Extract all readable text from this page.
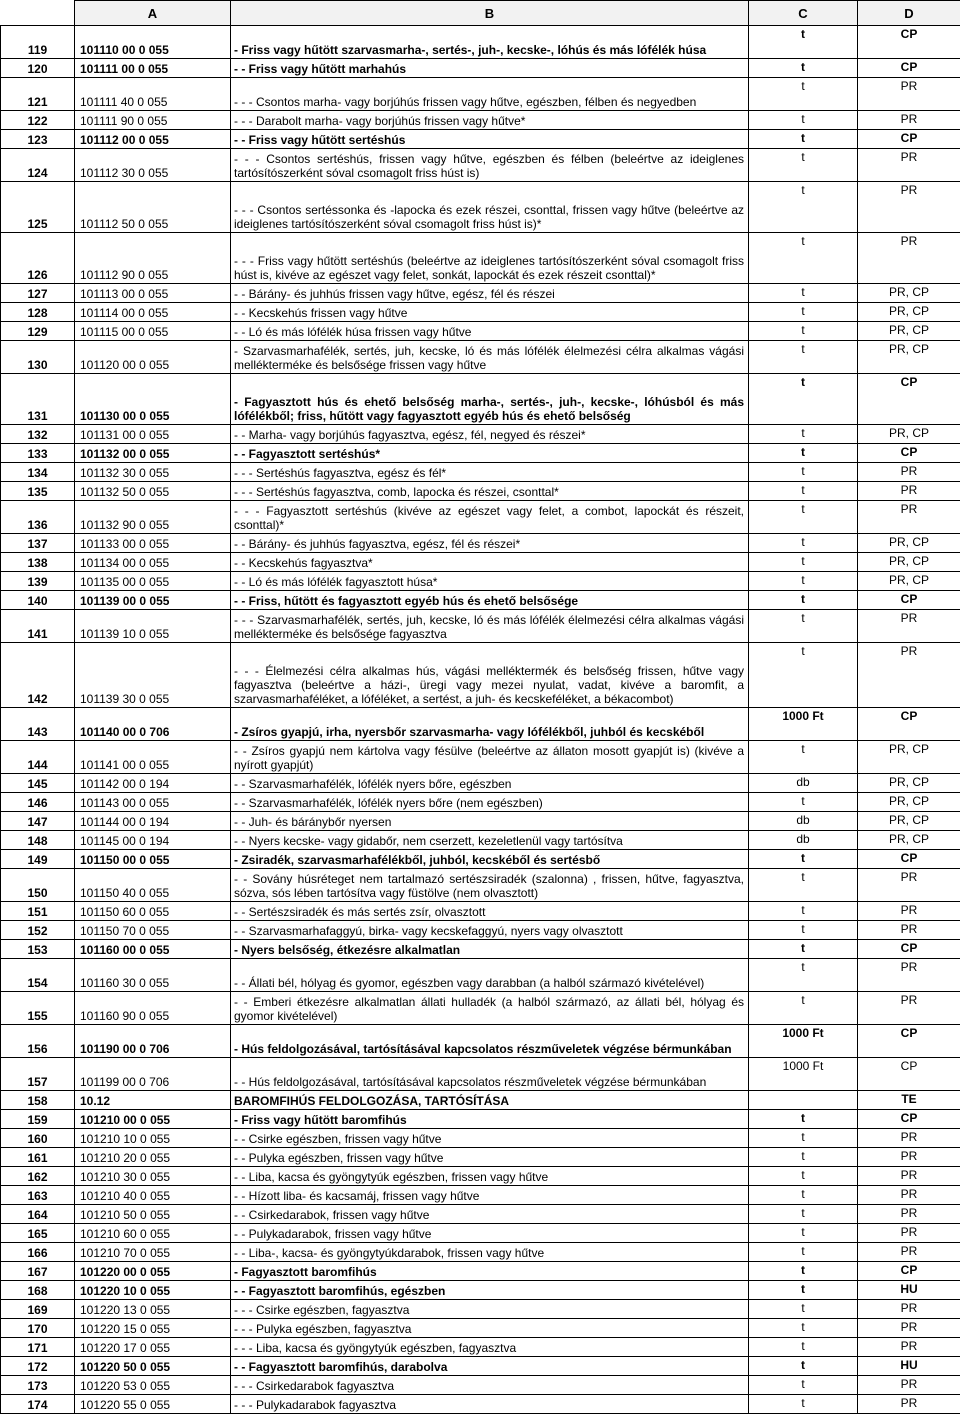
	A	B	C	D
119	101110 00 0 055	- Friss vagy hűtött szarvasmarha-, sertés-, juh-, kecske-, lóhús és más lófélék húsa	t	CP
120	101111 00 0 055	- - Friss vagy hűtött marhahús	t	CP
121	101111 40 0 055	- - - Csontos marha- vagy borjúhús frissen vagy hűtve, egészben, félben és negyedben	t	PR
122	101111 90 0 055	- - - Darabolt marha- vagy borjúhús frissen vagy hűtve*	t	PR
123	101112 00 0 055	- - Friss vagy hűtött sertéshús	t	CP
124	101112 30 0 055	- - - Csontos sertéshús, frissen vagy hűtve, egészben és félben (beleértve az ideiglenes tartósítószerként sóval csomagolt friss húst is)	t	PR
125	101112 50 0 055	- - - Csontos sertéssonka és -lapocka és ezek részei, csonttal, frissen vagy hűtve (beleértve az ideiglenes tartósítószerként sóval csomagolt friss húst is)*	t	PR
126	101112 90 0 055	- - - Friss vagy hűtött sertéshús (beleértve az ideiglenes tartósítószerként sóval csomagolt friss húst is, kivéve az egészet vagy felet, sonkát, lapockát és ezek részeit csonttal)*	t	PR
127	101113 00 0 055	- - Bárány- és juhhús frissen vagy hűtve, egész, fél és részei	t	PR, CP
128	101114 00 0 055	- - Kecskehús frissen vagy hűtve	t	PR, CP
129	101115 00 0 055	- - Ló és más lófélék húsa frissen vagy hűtve	t	PR, CP
130	101120 00 0 055	- Szarvasmarhafélék, sertés, juh, kecske, ló és más lófélék élelmezési célra alkalmas vágási mellékterméke és belsősége frissen vagy hűtve	t	PR, CP
131	101130 00 0 055	- Fagyasztott hús és ehető belsőség marha-, sertés-, juh-, kecske-, lóhúsból és más lófélékből; friss, hűtött vagy fagyasztott egyéb hús és ehető belsőség	t	CP
132	101131 00 0 055	- - Marha- vagy borjúhús fagyasztva, egész, fél, negyed és részei*	t	PR, CP
133	101132 00 0 055	- - Fagyasztott sertéshús*	t	CP
134	101132 30 0 055	- - - Sertéshús fagyasztva, egész és fél*	t	PR
135	101132 50 0 055	- - - Sertéshús fagyasztva, comb, lapocka és részei, csonttal*	t	PR
136	101132 90 0 055	- - - Fagyasztott sertéshús (kivéve az egészet vagy felet, a combot, lapockát és részeit, csonttal)*	t	PR
137	101133 00 0 055	- - Bárány- és juhhús fagyasztva, egész, fél és részei*	t	PR, CP
138	101134 00 0 055	- - Kecskehús fagyasztva*	t	PR, CP
139	101135 00 0 055	- - Ló és más lófélék fagyasztott húsa*	t	PR, CP
140	101139 00 0 055	- - Friss, hűtött és fagyasztott egyéb hús és ehető belsősége	t	CP
141	101139 10 0 055	- - - Szarvasmarhafélék, sertés, juh, kecske, ló és más lófélék élelmezési célra alkalmas vágási mellékterméke és belsősége fagyasztva	t	PR
142	101139 30 0 055	- - - Élelmezési célra alkalmas hús, vágási melléktermék és belsőség frissen, hűtve vagy fagyasztva (beleértve a házi-, üregi vagy mezei nyulat, vadat, kivéve a baromfit, a szarvasmarhaféléket, a lóféléket, a sertést, a juh- és kecskeféléket, a békacombot)	t	PR
143	101140 00 0 706	- Zsíros gyapjú, irha, nyersbőr szarvasmarha- vagy lófélékből, juhból és kecskéből	1000 Ft	CP
144	101141 00 0 055	- - Zsíros gyapjú nem kártolva vagy fésülve (beleértve az állaton mosott gyapjút is) (kivéve a nyírott gyapjút)	t	PR, CP
145	101142 00 0 194	- - Szarvasmarhafélék, lófélék nyers bőre, egészben	db	PR, CP
146	101143 00 0 055	- - Szarvasmarhafélék, lófélék nyers bőre (nem egészben)	t	PR, CP
147	101144 00 0 194	- - Juh- és báránybőr nyersen	db	PR, CP
148	101145 00 0 194	- - Nyers kecske- vagy gidabőr, nem cserzett, kezeletlenül vagy tartósítva	db	PR, CP
149	101150 00 0 055	- Zsiradék, szarvasmarhafélékből, juhból, kecskéből és sertésbő	t	CP
150	101150 40 0 055	- - Sovány húsréteget nem tartalmazó sertészsiradék (szalonna) , frissen, hűtve, fagyasztva, sózva, sós lében tartósítva vagy füstölve (nem olvasztott)	t	PR
151	101150 60 0 055	- - Sertészsiradék és más sertés zsír, olvasztott	t	PR
152	101150 70 0 055	- - Szarvasmarhafaggyú, birka- vagy kecskefaggyú, nyers vagy olvasztott	t	PR
153	101160 00 0 055	- Nyers belsőség, étkezésre alkalmatlan	t	CP
154	101160 30 0 055	- - Állati bél, hólyag és gyomor, egészben vagy darabban (a halból származó kivételével)	t	PR
155	101160 90 0 055	- - Emberi étkezésre alkalmatlan állati hulladék (a halból származó, az állati bél, hólyag és gyomor kivételével)	t	PR
156	101190 00 0 706	- Hús feldolgozásával, tartósításával kapcsolatos részműveletek végzése bérmunkában	1000 Ft	CP
157	101199 00 0 706	- - Hús feldolgozásával, tartósításával kapcsolatos részműveletek végzése bérmunkában	1000 Ft	CP
158	10.12	BAROMFIHÚS FELDOLGOZÁSA, TARTÓSÍTÁSA		TE
159	101210 00 0 055	- Friss vagy hűtött baromfihús	t	CP
160	101210 10 0 055	- - Csirke egészben, frissen vagy hűtve	t	PR
161	101210 20 0 055	- - Pulyka egészben, frissen vagy hűtve	t	PR
162	101210 30 0 055	- - Liba, kacsa és gyöngytyúk egészben, frissen vagy hűtve	t	PR
163	101210 40 0 055	- - Hízott liba- és kacsamáj, frissen vagy hűtve	t	PR
164	101210 50 0 055	- - Csirkedarabok, frissen vagy hűtve	t	PR
165	101210 60 0 055	- - Pulykadarabok, frissen vagy hűtve	t	PR
166	101210 70 0 055	- - Liba-, kacsa- és gyöngytyúkdarabok, frissen vagy hűtve	t	PR
167	101220 00 0 055	- Fagyasztott baromfihús	t	CP
168	101220 10 0 055	- - Fagyasztott baromfihús, egészben	t	HU
169	101220 13 0 055	- - - Csirke egészben, fagyasztva	t	PR
170	101220 15 0 055	- - - Pulyka egészben, fagyasztva	t	PR
171	101220 17 0 055	- - - Liba, kacsa és gyöngytyúk egészben, fagyasztva	t	PR
172	101220 50 0 055	- - Fagyasztott baromfihús, darabolva	t	HU
173	101220 53 0 055	- - - Csirkedarabok fagyasztva	t	PR
174	101220 55 0 055	- - - Pulykadarabok fagyasztva	t	PR
